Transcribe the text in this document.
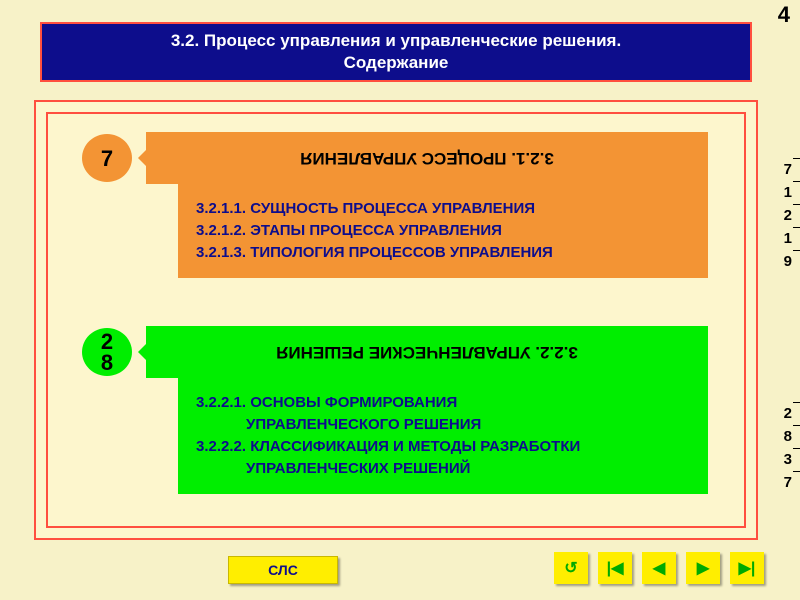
4
3.2. Процесс управления и управленческие решения.
Содержание
7	3.2.1. ПРОЦЕСС УПРАВЛЕНИЯ
3.2.1.1. СУЩНОСТЬ ПРОЦЕССА УПРАВЛЕНИЯ
3.2.1.2. ЭТАПЫ ПРОЦЕССА УПРАВЛЕНИЯ
3.2.1.3. ТИПОЛОГИЯ ПРОЦЕССОВ УПРАВЛЕНИЯ
2
8	3.2.2. УПРАВЛЕНЧЕСКИЕ РЕШЕНИЯ
3.2.2.1. ОСНОВЫ ФОРМИРОВАНИЯ
УПРАВЛЕНЧЕСКОГО РЕШЕНИЯ
3.2.2.2. КЛАССИФИКАЦИЯ И МЕТОДЫ РАЗРАБОТКИ
УПРАВЛЕНЧЕСКИХ РЕШЕНИЙ
7
1
2
1
9
2
8
3
7
СЛС	↺	|◀	◀	▶	▶|
